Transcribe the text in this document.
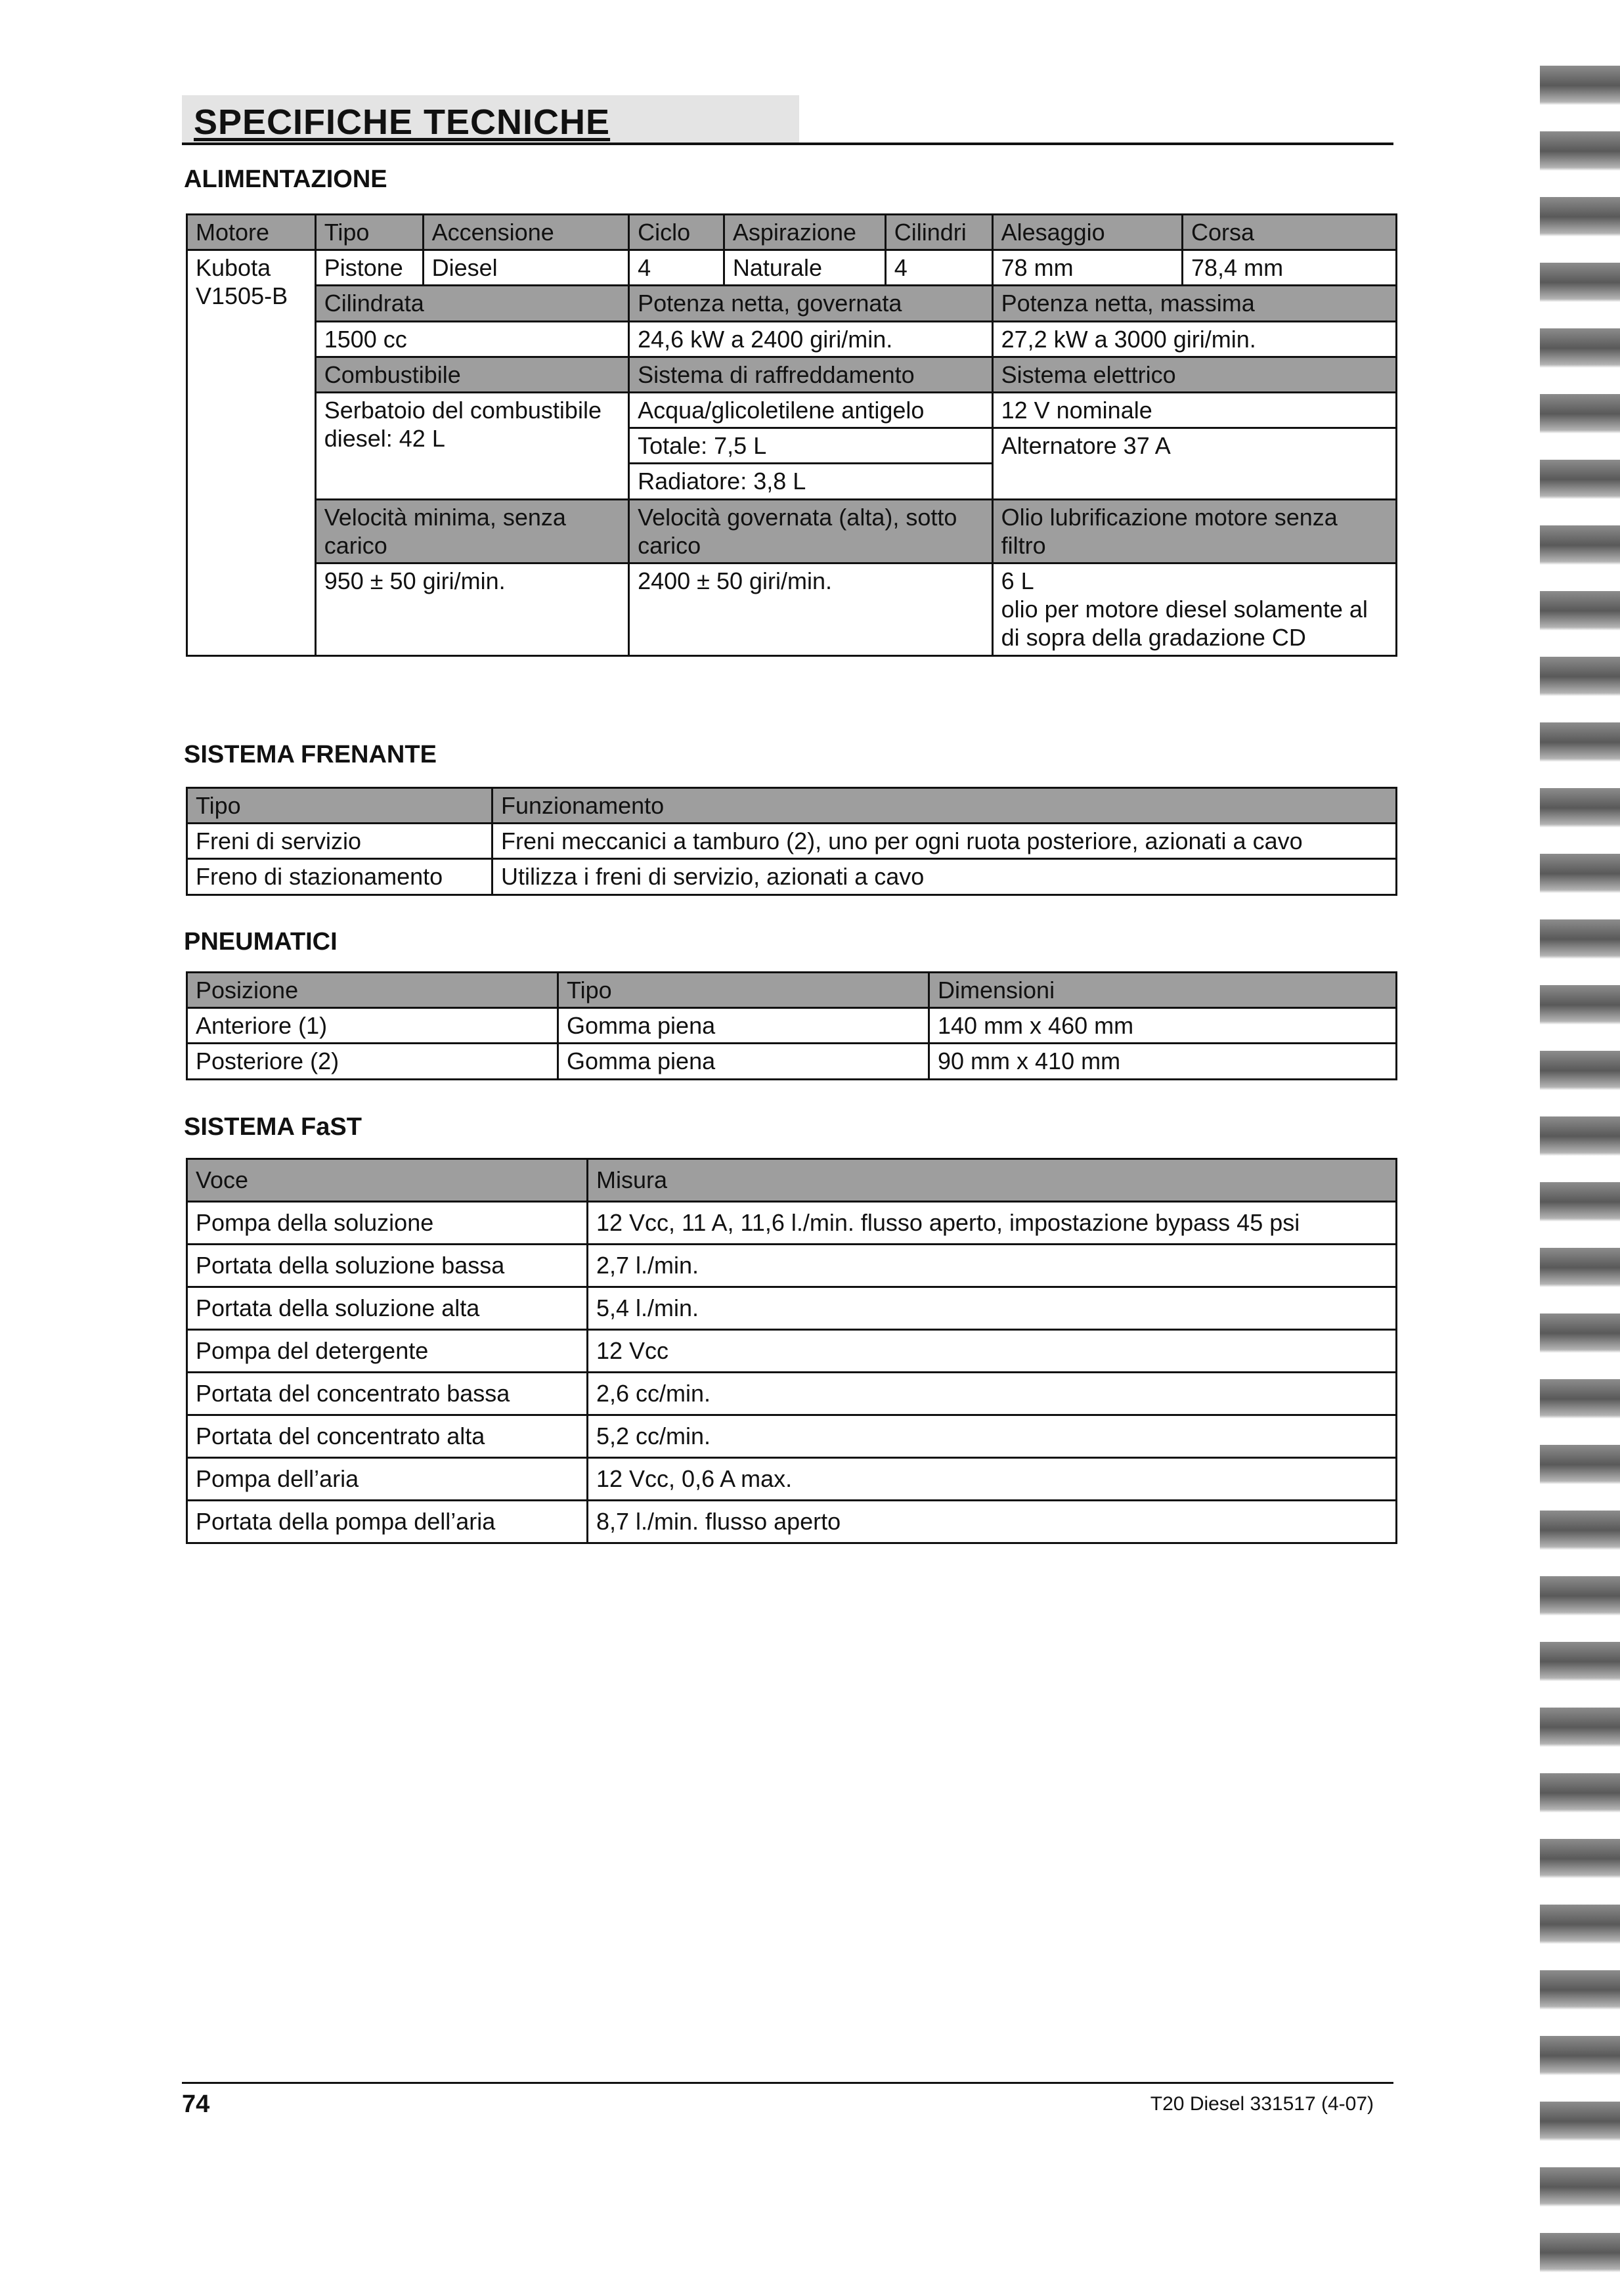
SPECIFICHE TECNICHE
ALIMENTAZIONE
Motore	Tipo	Accensione	Ciclo	Aspirazione	Cilindri	Alesaggio	Corsa
Kubota V1505-B	Pistone	Diesel	4	Naturale	4	78 mm	78,4 mm
	Cilindrata		Potenza netta, governata			Potenza netta, massima	
	1500 cc		24,6 kW a 2400 giri/min.			27,2 kW a 3000 giri/min.	
	Combustibile		Sistema di raffreddamento			Sistema elettrico	
	Serbatoio del combustibile diesel: 42 L		Acqua/glicoletilene antigelo			12 V nominale	
			Totale: 7,5 L			Alternatore 37 A	
			Radiatore: 3,8 L				
	Velocità minima, senza carico		Velocità governata (alta), sotto carico			Olio lubrificazione motore senza filtro	
	950 ± 50 giri/min.		2400 ± 50 giri/min.			6 L
olio per motore diesel solamente al di sopra della gradazione CD	
SISTEMA FRENANTE
Tipo	Funzionamento
Freni di servizio	Freni meccanici a tamburo (2), uno per ogni ruota posteriore, azionati a cavo
Freno di stazionamento	Utilizza i freni di servizio, azionati a cavo
PNEUMATICI
Posizione	Tipo	Dimensioni
Anteriore (1)	Gomma piena	140 mm x 460 mm
Posteriore (2)	Gomma piena	90 mm x 410 mm
SISTEMA FaST
Voce	Misura
Pompa della soluzione	12 Vcc, 11 A, 11,6 l./min. flusso aperto, impostazione bypass 45 psi
Portata della soluzione bassa	2,7 l./min.
Portata della soluzione alta	5,4 l./min.
Pompa del detergente	12 Vcc
Portata del concentrato bassa	2,6 cc/min.
Portata del concentrato alta	5,2 cc/min.
Pompa dell’aria	12 Vcc, 0,6 A max.
Portata della pompa dell’aria	8,7 l./min. flusso aperto
74	T20 Diesel 331517 (4-07)
